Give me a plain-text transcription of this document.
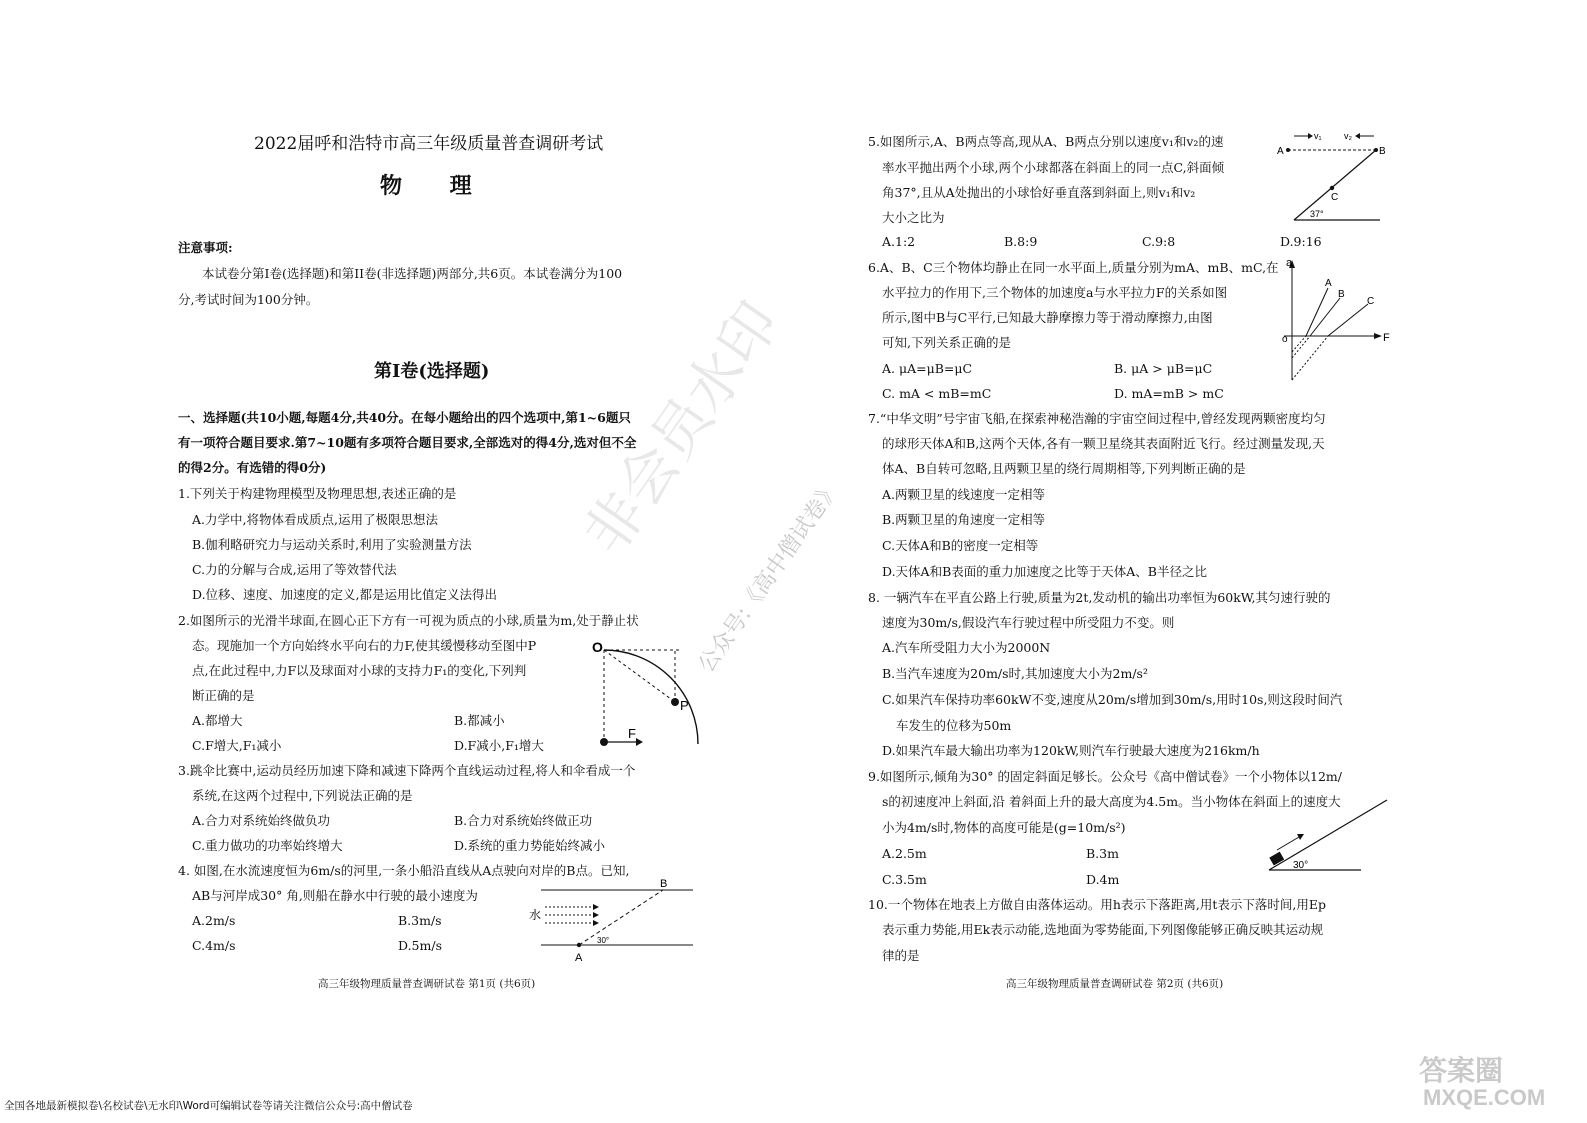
2022届呼和浩特市高三年级质量普查调研考试
物 理
注意事项:
本试卷分第I卷(选择题)和第II卷(非选择题)两部分,共6页。本试卷满分为100
分,考试时间为100分钟。
第I卷(选择题)
一、选择题(共10小题,每题4分,共40分。在每小题给出的四个选项中,第1~6题只
有一项符合题目要求.第7~10题有多项符合题目要求,全部选对的得4分,选对但不全
的得2分。有选错的得0分)
1.下列关于构建物理模型及物理思想,表述正确的是
A.力学中,将物体看成质点,运用了极限思想法
B.伽利略研究力与运动关系时,利用了实验测量方法
C.力的分解与合成,运用了等效替代法
D.位移、速度、加速度的定义,都是运用比值定义法得出
2.如图所示的光滑半球面,在圆心正下方有一可视为质点的小球,质量为m,处于静止状
态。现施加一个方向始终水平向右的力F,使其缓慢移动至图中P
点,在此过程中,力F以及球面对小球的支持力F₁的变化,下列判
断正确的是
A.都增大	B.都减小
C.F增大,F₁减小	D.F减小,F₁增大
O
P
F
3.跳伞比赛中,运动员经历加速下降和减速下降两个直线运动过程,将人和伞看成一个
系统,在这两个过程中,下列说法正确的是
A.合力对系统始终做负功	B.合力对系统始终做正功
C.重力做功的功率始终增大	D.系统的重力势能始终减小
4. 如图,在水流速度恒为6m/s的河里,一条小船沿直线从A点驶向对岸的B点。已知,
AB与河岸成30° 角,则船在静水中行驶的最小速度为
A.2m/s	B.3m/s
C.4m/s	D.5m/s
水
A
B
30°
高三年级物理质量普查调研试卷 第1页 (共6页)
5.如图所示,A、B两点等高,现从A、B两点分别以速度v₁和v₂的速
率水平抛出两个小球,两个小球都落在斜面上的同一点C,斜面倾
角37°,且从A处抛出的小球恰好垂直落到斜面上,则v₁和v₂
大小之比为
A.1:2	B.8:9	C.9:8	D.9:16
A	B
C
v₁ v₂
37°
6.A、B、C三个物体均静止在同一水平面上,质量分别为mA、mB、mC,在
水平拉力的作用下,三个物体的加速度a与水平拉力F的关系如图
所示,图中B与C平行,已知最大静摩擦力等于滑动摩擦力,由图
可知,下列关系正确的是
A. μA=μB=μC	B. μA > μB=μC
C. mA < mB=mC	D. mA=mB > mC
a
F
o
A
B
C
7.“中华文明”号宇宙飞船,在探索神秘浩瀚的宇宙空间过程中,曾经发现两颗密度均匀
的球形天体A和B,这两个天体,各有一颗卫星绕其表面附近飞行。经过测量发现,天
体A、B自转可忽略,且两颗卫星的绕行周期相等,下列判断正确的是
A.两颗卫星的线速度一定相等
B.两颗卫星的角速度一定相等
C.天体A和B的密度一定相等
D.天体A和B表面的重力加速度之比等于天体A、B半径之比
8. 一辆汽车在平直公路上行驶,质量为2t,发动机的输出功率恒为60kW,其匀速行驶的
速度为30m/s,假设汽车行驶过程中所受阻力不变。则
A.汽车所受阻力大小为2000N
B.当汽车速度为20m/s时,其加速度大小为2m/s²
C.如果汽车保持功率60kW不变,速度从20m/s增加到30m/s,用时10s,则这段时间汽
车发生的位移为50m
D.如果汽车最大输出功率为120kW,则汽车行驶最大速度为216km/h
9.如图所示,倾角为30° 的固定斜面足够长。公众号《高中僧试卷》一个小物体以12m/
s的初速度冲上斜面,沿 着斜面上升的最大高度为4.5m。当小物体在斜面上的速度大
小为4m/s时,物体的高度可能是(g=10m/s²)
A.2.5m	B.3m
C.3.5m	D.4m
30°
10.一个物体在地表上方做自由落体运动。用h表示下落距离,用t表示下落时间,用Ep
表示重力势能,用Ek表示动能,选地面为零势能面,下列图像能够正确反映其运动规
律的是
高三年级物理质量普查调研试卷 第2页 (共6页)
非会员水印
公众号:《高中僧试卷》
全国各地最新模拟卷\名校试卷\无水印\Word可编辑试卷等请关注微信公众号:高中僧试卷
答案圈
MXQE.COM
